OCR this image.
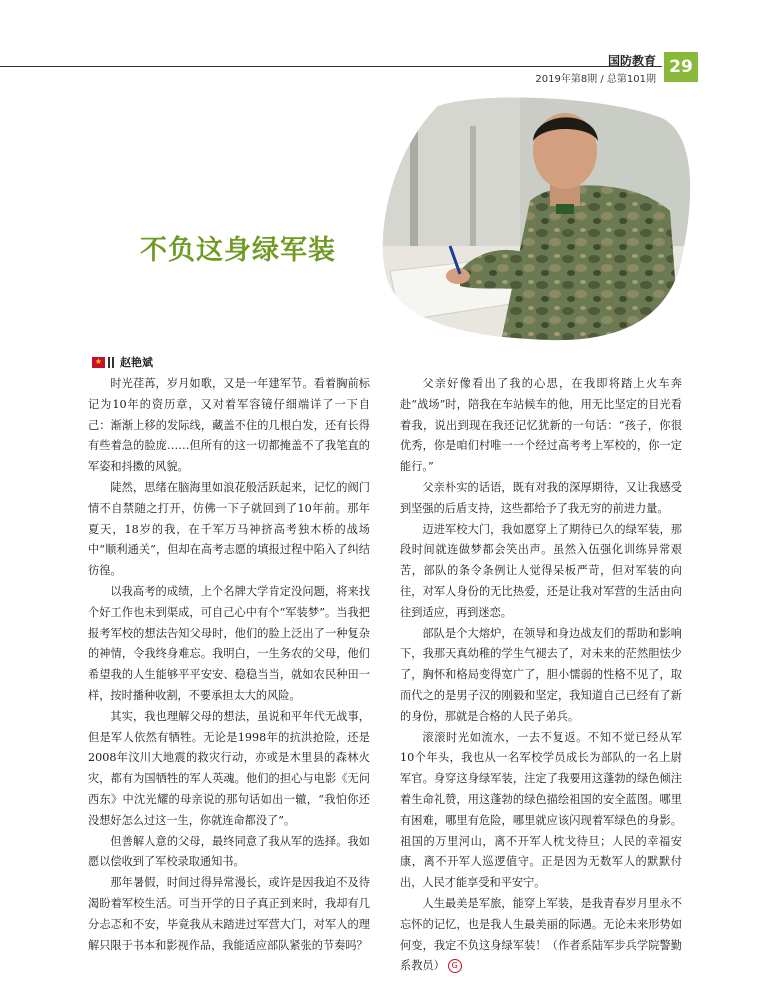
国防教育
2019年第8期 / 总第101期
29
不负这身绿军装
★ 赵艳斌

时光荏苒，岁月如歌，又是一年建军节。看着胸前标记为10年的资历章，又对着军容镜仔细端详了一下自己：渐渐上移的发际线，藏盖不住的几根白发，还有长得有些着急的脸庞……但所有的这一切都掩盖不了我笔直的军姿和抖擞的风貌。

陡然，思绪在脑海里如浪花般活跃起来，记忆的阀门情不自禁随之打开，仿佛一下子就回到了10年前。那年夏天，18岁的我，在千军万马神挤高考独木桥的战场中“顺利通关”，但却在高考志愿的填报过程中陷入了纠结彷徨。

以我高考的成绩，上个名牌大学肯定没问题，将来找个好工作也未到渠成，可自己心中有个“军装梦”。当我把报考军校的想法告知父母时，他们的脸上泛出了一种复杂的神情，令我终身难忘。我明白，一生务农的父母，他们希望我的人生能够平平安安、稳稳当当，就如农民种田一样，按时播种收割，不要承担太大的风险。

其实，我也理解父母的想法，虽说和平年代无战事，但是军人依然有牺牲。无论是1998年的抗洪抢险，还是2008年汶川大地震的救灾行动，亦或是木里县的森林火灾，都有为国牺牲的军人英魂。他们的担心与电影《无问西东》中沈光耀的母亲说的那句话如出一辙，“我怕你还没想好怎么过这一生，你就连命都没了”。

但善解人意的父母，最终同意了我从军的选择。我如愿以偿收到了军校录取通知书。

那年暑假，时间过得异常漫长，或许是因我迫不及待渴盼着军校生活。可当开学的日子真正到来时，我却有几分忐忑和不安，毕竟我从未踏进过军营大门，对军人的理解只限于书本和影视作品，我能适应部队紧张的节奏吗？

父亲好像看出了我的心思，在我即将踏上火车奔赴“战场”时，陪我在车站候车的他，用无比坚定的目光看着我，说出到现在我还记忆犹新的一句话：“孩子，你很优秀，你是咱们村唯一一个经过高考考上军校的，你一定能行。”

父亲朴实的话语，既有对我的深厚期待，又让我感受到坚强的后盾支持，这些都给予了我无穷的前进力量。

迈进军校大门，我如愿穿上了期待已久的绿军装，那段时间就连做梦都会笑出声。虽然入伍强化训练异常艰苦，部队的条令条例让人觉得呆板严苛，但对军装的向往，对军人身份的无比热爱，还是让我对军营的生活由向往到适应，再到迷恋。

部队是个大熔炉，在领导和身边战友们的帮助和影响下，我那天真幼稚的学生气褪去了，对未来的茫然胆怯少了，胸怀和格局变得宽广了，胆小懦弱的性格不见了，取而代之的是男子汉的刚毅和坚定，我知道自己已经有了新的身份，那就是合格的人民子弟兵。

滚滚时光如流水，一去不复返。不知不觉已经从军10个年头，我也从一名军校学员成长为部队的一名上尉军官。身穿这身绿军装，注定了我要用这蓬勃的绿色倾注着生命礼赞，用这蓬勃的绿色描绘祖国的安全蓝图。哪里有困难，哪里有危险，哪里就应该闪现着军绿色的身影。祖国的万里河山，离不开军人枕戈待旦；人民的幸福安康，离不开军人巡逻值守。正是因为无数军人的默默付出，人民才能享受和平安宁。

人生最美是军旅，能穿上军装，是我青春岁月里永不忘怀的记忆，也是我人生最美丽的际遇。无论未来形势如何变，我定不负这身绿军装！（作者系陆军步兵学院警勤系教员） G
